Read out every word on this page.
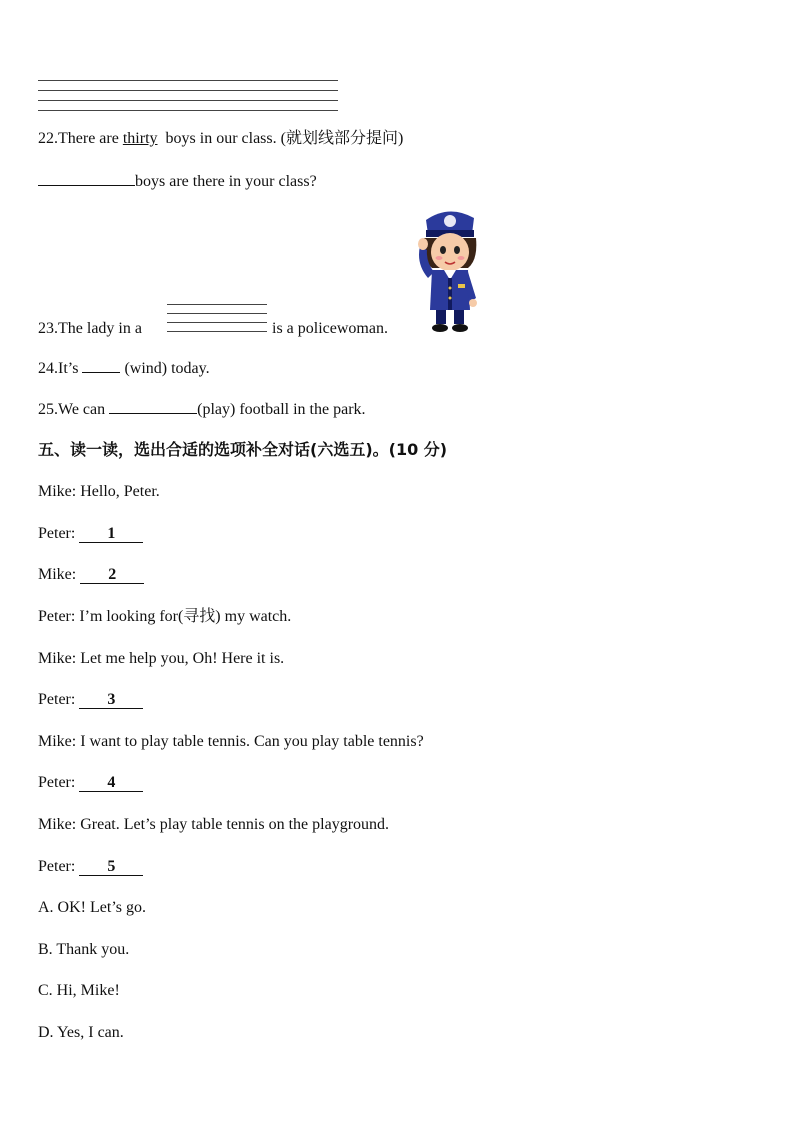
22.There are thirty  boys in our class. (就划线部分提问)
boys are there in your class?
23.The lady in a	is a policewoman.
24.It’s  (wind) today.
25.We can	(play) football in the park.
五、读一读，选出合适的选项补全对话(六选五)。(10 分)
Mike: Hello, Peter.
Peter: 1
Mike: 2
Peter: I’m looking for(寻找) my watch.
Mike: Let me help you, Oh! Here it is.
Peter: 3
Mike: I want to play table tennis. Can you play table tennis?
Peter: 4
Mike: Great. Let’s play table tennis on the playground.
Peter: 5
A. OK! Let’s go.
B. Thank you.
C. Hi, Mike!
D. Yes, I can.
